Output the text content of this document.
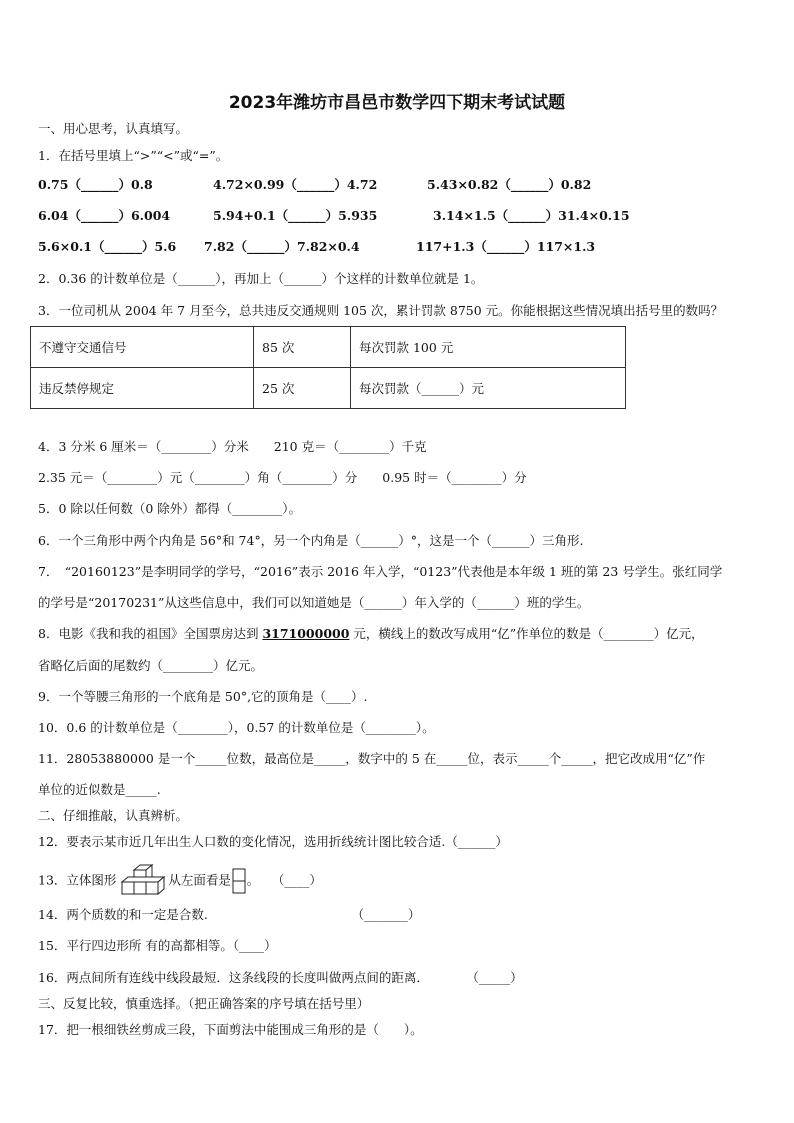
2023年潍坊市昌邑市数学四下期末考试试题
一、用心思考，认真填写。
1．在括号里填上“>”“<”或“=”。
0.75（______）0.8	4.72×0.99（______）4.72	5.43×0.82（______）0.82
6.04（______）6.004	5.94+0.1（______）5.935	3.14×1.5（______）31.4×0.15
5.6×0.1（______）5.6 7.82（______）7.82×0.4	117+1.3（______）117×1.3
2．0.36 的计数单位是（______），再加上（______）个这样的计数单位就是 1。
3．一位司机从 2004 年 7 月至今，总共违反交通规则 105 次，累计罚款 8750 元。你能根据这些情况填出括号里的数吗？
不遵守交通信号	85 次	每次罚款 100 元
违反禁停规定	25 次	每次罚款（______）元
4．3 分米 6 厘米＝（________）分米　　210 克＝（________）千克
2.35 元＝（________）元（________）角（________）分　　0.95 时＝（________）分
5．0 除以任何数（0 除外）都得（________）。
6．一个三角形中两个内角是 56°和 74°，另一个内角是（______）°，这是一个（______）三角形.
7．　“20160123”是李明同学的学号，“2016”表示 2016 年入学，“0123”代表他是本年级 1 班的第 23 号学生。张红同学
的学号是“20170231”从这些信息中，我们可以知道她是（______）年入学的（______）班的学生。
8．电影《我和我的祖国》全国票房达到 3171000000 元，横线上的数改写成用“亿”作单位的数是（________）亿元，
省略亿后面的尾数约（________）亿元。
9．一个等腰三角形的一个底角是 50°,它的顶角是（____）.
10．0.6 的计数单位是（________），0.57 的计数单位是（________）。
11．28053880000 是一个_____位数，最高位是_____，数字中的 5 在_____位，表示_____个_____，把它改成用“亿”作
单位的近似数是_____.
二、仔细推敲，认真辨析。
12．要表示某市近几年出生人口数的变化情况，选用折线统计图比较合适.（______）
13．立体图形	从左面看是 。　　（____）
14．两个质数的和一定是合数.　　　　　　　　　　　　（_______）
15．平行四边形所 有的高都相等。（____）
16．两点间所有连线中线段最短．这条线段的长度叫做两点间的距离．　　　　（_____）
三、反复比较，慎重选择。（把正确答案的序号填在括号里）
17．把一根细铁丝剪成三段，下面剪法中能围成三角形的是（　　）。
